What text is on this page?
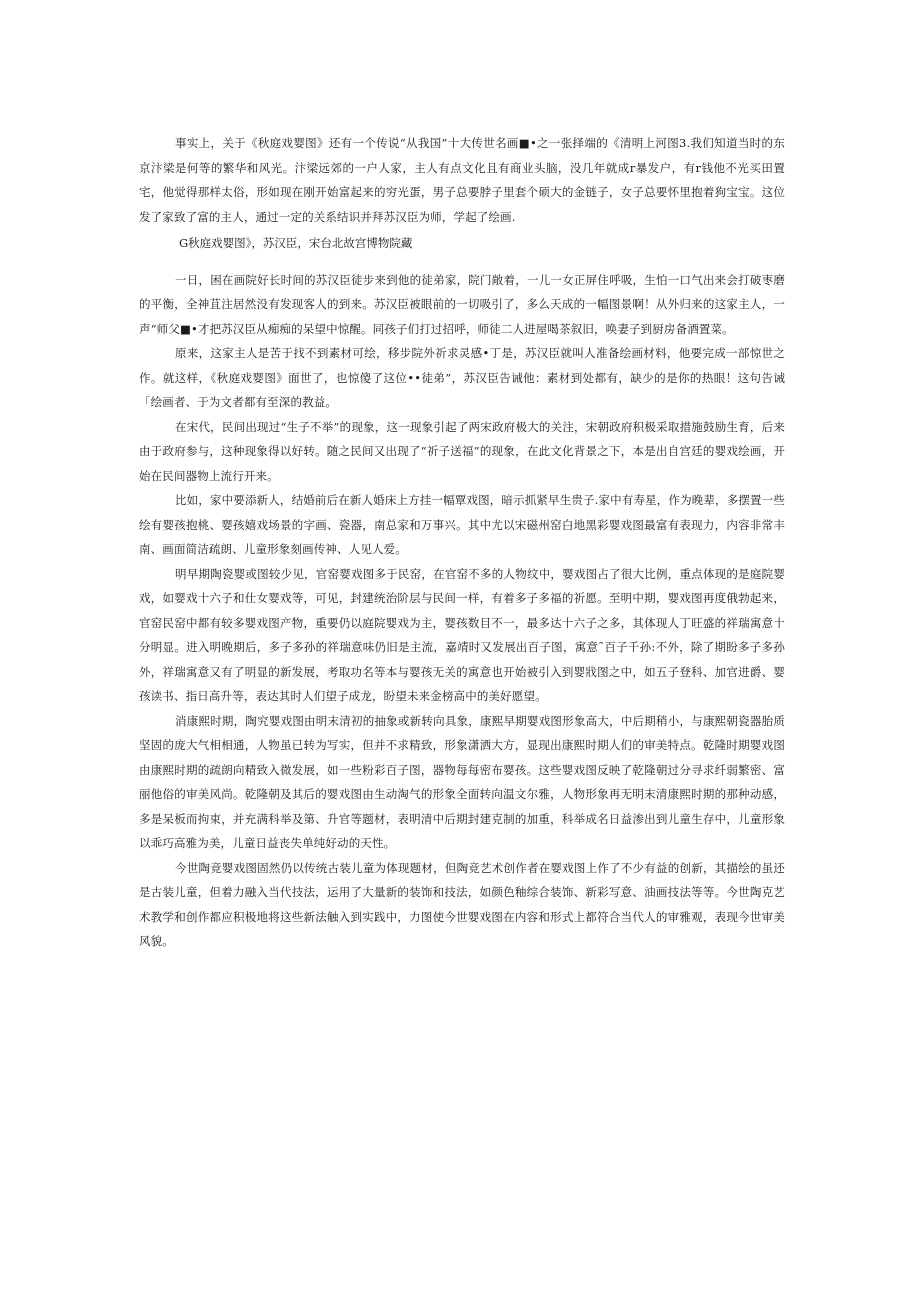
事实上，关于《秋庭戏婴图》还有一个传说“从我国”十大传世名画■•之一张择端的《清明上河图3.我们知道当时的东京汴梁是何等的繁华和风光。汴梁远郊的一户人家，主人有点文化且有商业头脑，没几年就成r暴发户，有r钱他不光买田置宅，他觉得那样太俗，形如现在刚开始富起来的穷光蛋，男子总要脖子里套个硕大的金链子，女子总要怀里抱着狗宝宝。这位发了家致了富的主人，通过一定的关系结识并拜苏汉臣为师，学起了绘画.

G秋庭戏婴图》，苏汉臣，宋台北故宫博物院藏

一日，困在画院好长时间的苏汉臣徒步来到他的徒弟家，院门敞着，一儿一女正屏住呼吸，生怕一口气出来会打破枣磨的平衡，全神苴注居然没有发现客人的到来。苏汉臣被眼前的一切吸引了，多么天成的一幅图景啊！从外归来的这家主人，一声“师父■•才把苏汉臣从痴痴的呆望中惊醒。同孩子们打过招呼，师徒二人进屋喝茶叙旧，唤妻子到厨房备酒置菜。

原来，这家主人是苦于找不到素材可绘，移步院外祈求灵感•丁是，苏汉臣就叫人准备绘画材料，他要完成一部惊世之作。就这样，《秋庭戏婴图》面世了，也惊傻了这位••徒弟”，苏汉臣告诫他：素材到处都有，缺少的是你的热眼！这句告诫「绘画者、于为文者都有至深的教益。

在宋代，民间出现过“生子不举”的现象，这一现象引起了两宋政府极大的关注，宋朝政府积极采取措施鼓励生育，后来由于政府参与，这种现象得以好转。随之民间又出现了“祈子送福”的现象，在此文化背景之下，本是出自宫廷的婴戏绘画，开始在民间器物上流行开来。

比如，家中要添新人，结婚前后在新人婚床上方挂一幅覃戏图，暗示抓紧早生贵子.家中有寿星，作为晚辈，多摆置一些绘有婴孩抱桃、婴孩嬉戏场景的字画、瓷器，南总家和万事兴。其中尤以宋磁州窑白地黑彩婴戏图最富有表现力，内容非常丰南、画面简洁疏朗、儿童形象刻画传神、人见人爱。

明早期陶瓷婴或图较少见，官窑婴戏图多于民窑，在官窑不多的人物纹中，婴戏图占了很大比例，重点体现的是庭院婴戏，如婴戏十六子和仕女婴戏等，可见，封建统治阶层与民间一样，有着多子多福的祈愿。至明中期，婴戏图再度俄勃起来，官窑民窑中都有较多婴戏图产物，重要仍以庭院婴戏为主，婴孩数目不一，最多达十六子之多，其体现人丁旺盛的祥瑞寓意十分明显。进入明晚期后，多子多孙的祥瑞意味仍旧是主流，嘉靖时又发展出百子图，寓意˜百子千孙:不外，除了期盼多子多孙外，祥瑞寓意又有了明显的新发展，考取功名等本与婴孩无关的寓意也开始被引入到婴戕图之中，如五子登科、加官进爵、婴孩读书、指日高升等，表达其时人们望子成龙，盼望未来金榜高中的美好愿望。

消康熙时期，陶究婴戏图由明末清初的抽象或新转向具象，康熙早期婴戏图形象高大，中后期稍小，与康熙朝瓷器胎质坚固的庞大气相相通，人物虽已转为写实，但并不求精致，形象潇洒大方，显现出康熙时期人们的审美特点。乾隆时期婴戏图由康熙时期的疏朗向精致入微发展，如一些粉彩百子图，器物每每密布婴孩。这些婴戏图反映了乾隆朝过分寻求纤弱繁密、富丽他俗的审美风尚。乾隆朝及其后的婴戏图由生动淘气的形象全面转向温文尔雅，人物形象再无明末清康熙时期的那种动感，多是呆板而拘束，并充满科举及第、升官等题材，表明清中后期封建克制的加重，科举成名日益渗出到儿童生存中，儿童形象以乖巧高雅为美，儿童日益丧失单纯好动的天性。

今世陶竞婴戏图固然仍以传统古装儿童为体现题材，但陶竞艺术创作者在婴戏图上作了不少有益的创新，其描绘的虽还是古装儿童，但着力融入当代技法，运用了大量新的装饰和技法，如颜色釉综合装饰、新彩写意、油画技法等等。今世陶克艺术教学和创作都应积极地将这些新法触入到实践中，力图使今世婴戏图在内容和形式上都符合当代人的审雅观，表现今世审美风貌。
